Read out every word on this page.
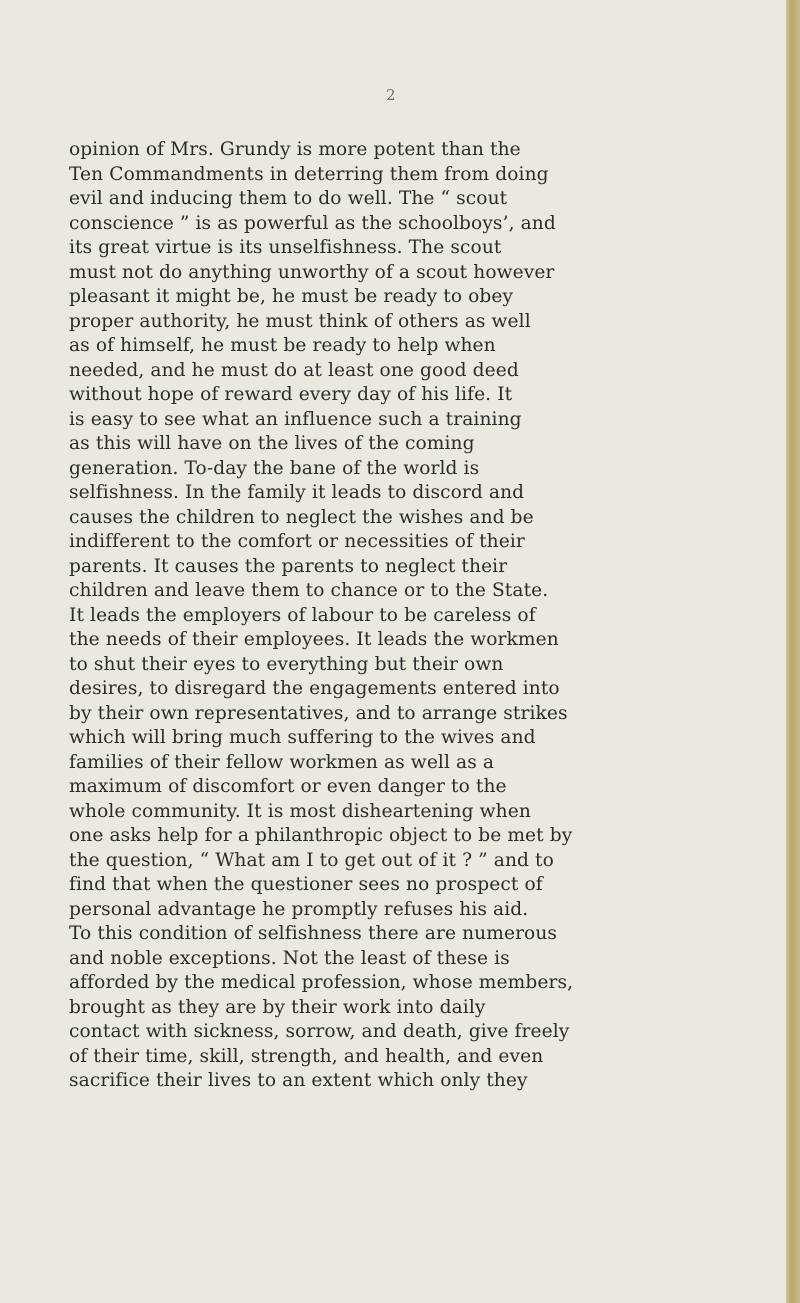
2
opinion of Mrs. Grundy is more potent than the
Ten Commandments in deterring them from doing
evil and inducing them to do well. The “ scout
conscience ” is as powerful as the schoolboys’, and
its great virtue is its unselfishness. The scout
must not do anything unworthy of a scout however
pleasant it might be, he must be ready to obey
proper authority, he must think of others as well
as of himself, he must be ready to help when
needed, and he must do at least one good deed
without hope of reward every day of his life. It
is easy to see what an influence such a training
as this will have on the lives of the coming
generation. To-day the bane of the world is
selfishness. In the family it leads to discord and
causes the children to neglect the wishes and be
indifferent to the comfort or necessities of their
parents. It causes the parents to neglect their
children and leave them to chance or to the State.
It leads the employers of labour to be careless of
the needs of their employees. It leads the workmen
to shut their eyes to everything but their own
desires, to disregard the engagements entered into
by their own representatives, and to arrange strikes
which will bring much suffering to the wives and
families of their fellow workmen as well as a
maximum of discomfort or even danger to the
whole community. It is most disheartening when
one asks help for a philanthropic object to be met by
the question, “ What am I to get out of it ? ” and to
find that when the questioner sees no prospect of
personal advantage he promptly refuses his aid.
To this condition of selfishness there are numerous
and noble exceptions. Not the least of these is
afforded by the medical profession, whose members,
brought as they are by their work into daily
contact with sickness, sorrow, and death, give freely
of their time, skill, strength, and health, and even
sacrifice their lives to an extent which only they
